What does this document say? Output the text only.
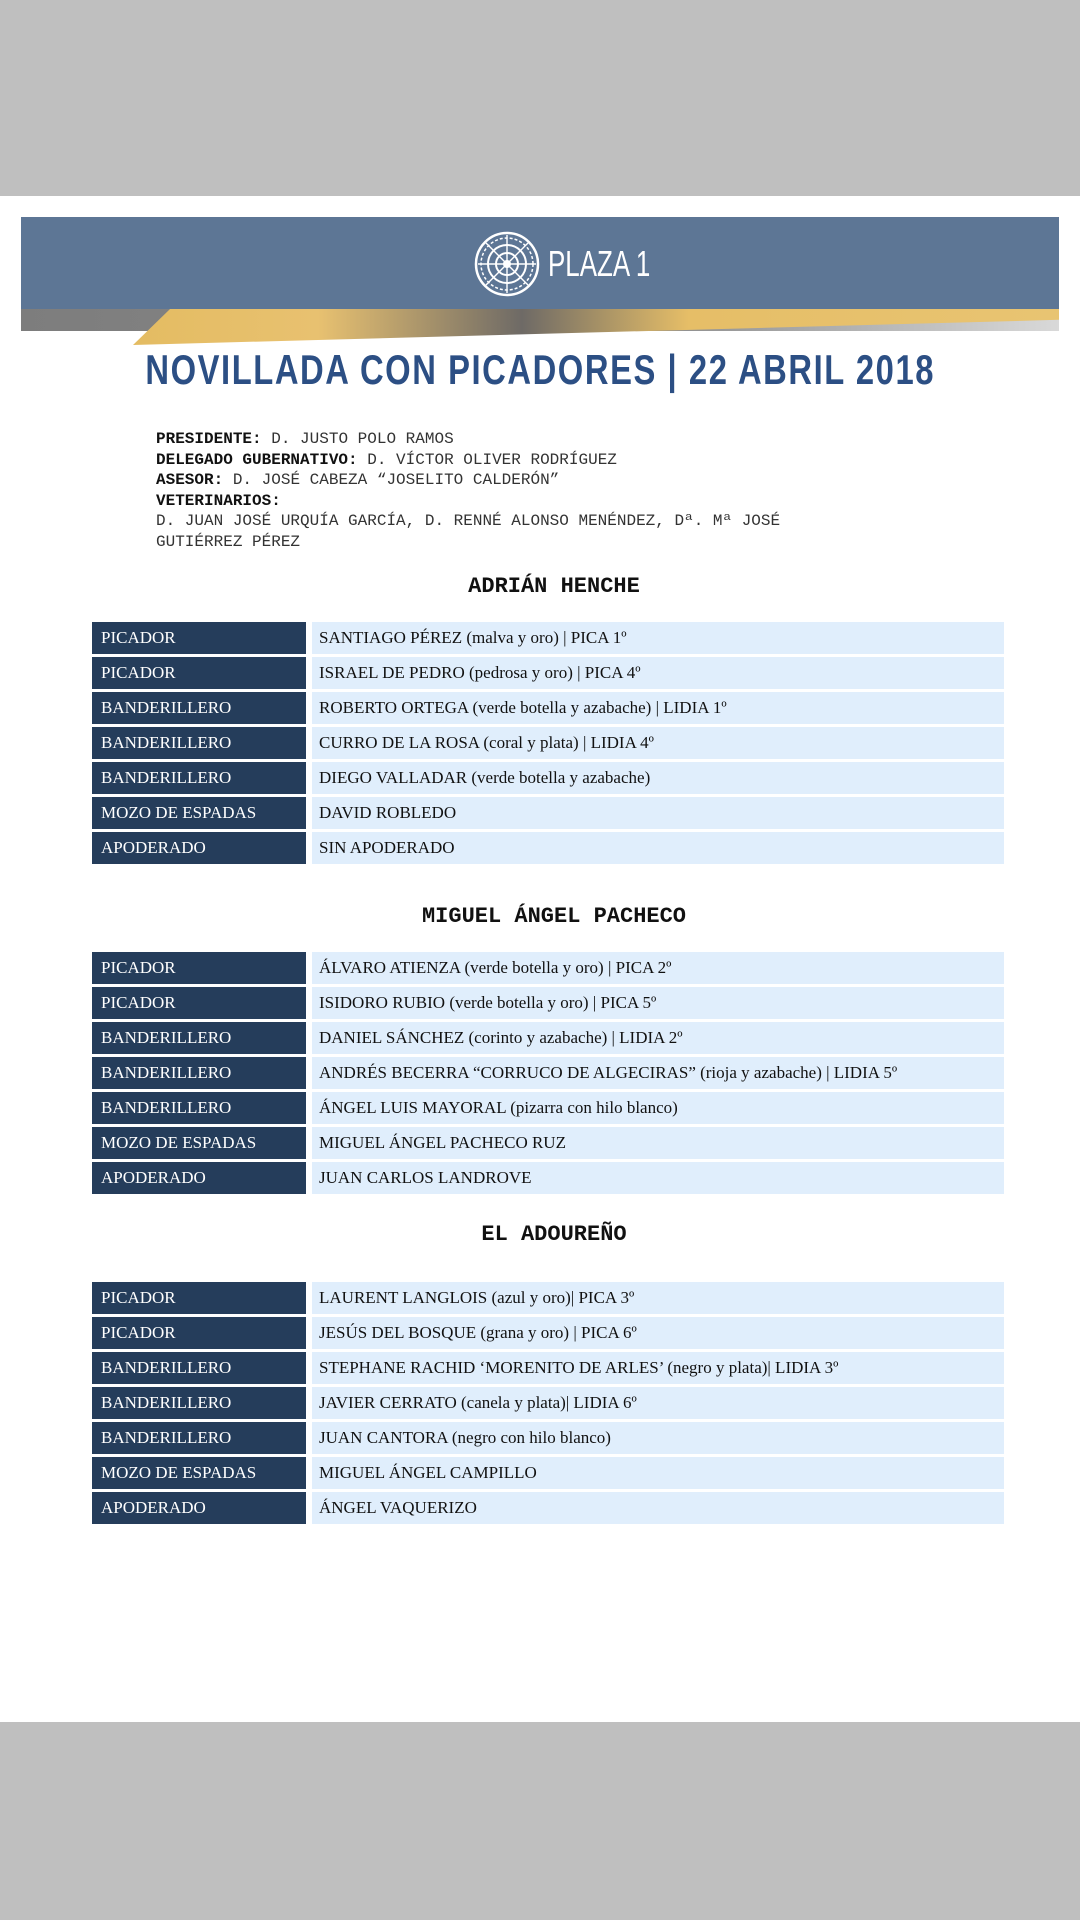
PLAZA 1
NOVILLADA CON PICADORES | 22 ABRIL 2018
PRESIDENTE: D. JUSTO POLO RAMOS
DELEGADO GUBERNATIVO: D. VÍCTOR OLIVER RODRÍGUEZ
ASESOR: D. JOSÉ CABEZA “JOSELITO CALDERÓN”
VETERINARIOS:
D. JUAN JOSÉ URQUÍA GARCÍA, D. RENNÉ ALONSO MENÉNDEZ, Dª. Mª JOSÉ
GUTIÉRREZ PÉREZ
ADRIÁN HENCHE
PICADOR	SANTIAGO PÉREZ (malva y oro) | PICA 1º
PICADOR	ISRAEL DE PEDRO (pedrosa y oro) | PICA 4º
BANDERILLERO	ROBERTO ORTEGA (verde botella y azabache) | LIDIA 1º
BANDERILLERO	CURRO DE LA ROSA (coral y plata) | LIDIA 4º
BANDERILLERO	DIEGO VALLADAR (verde botella y azabache)
MOZO DE ESPADAS	DAVID ROBLEDO
APODERADO	SIN APODERADO
MIGUEL ÁNGEL PACHECO
PICADOR	ÁLVARO ATIENZA (verde botella y oro) | PICA 2º
PICADOR	ISIDORO RUBIO (verde botella y oro) | PICA 5º
BANDERILLERO	DANIEL SÁNCHEZ (corinto y azabache) | LIDIA 2º
BANDERILLERO	ANDRÉS BECERRA “CORRUCO DE ALGECIRAS” (rioja y azabache) | LIDIA 5º
BANDERILLERO	ÁNGEL LUIS MAYORAL (pizarra con hilo blanco)
MOZO DE ESPADAS	MIGUEL ÁNGEL PACHECO RUZ
APODERADO	JUAN CARLOS LANDROVE
EL ADOUREÑO
PICADOR	LAURENT LANGLOIS (azul y oro)| PICA 3º
PICADOR	JESÚS DEL BOSQUE (grana y oro) | PICA 6º
BANDERILLERO	STEPHANE RACHID ‘MORENITO DE ARLES’ (negro y plata)| LIDIA 3º
BANDERILLERO	JAVIER CERRATO (canela y plata)| LIDIA 6º
BANDERILLERO	JUAN CANTORA (negro con hilo blanco)
MOZO DE ESPADAS	MIGUEL ÁNGEL CAMPILLO
APODERADO	ÁNGEL VAQUERIZO
